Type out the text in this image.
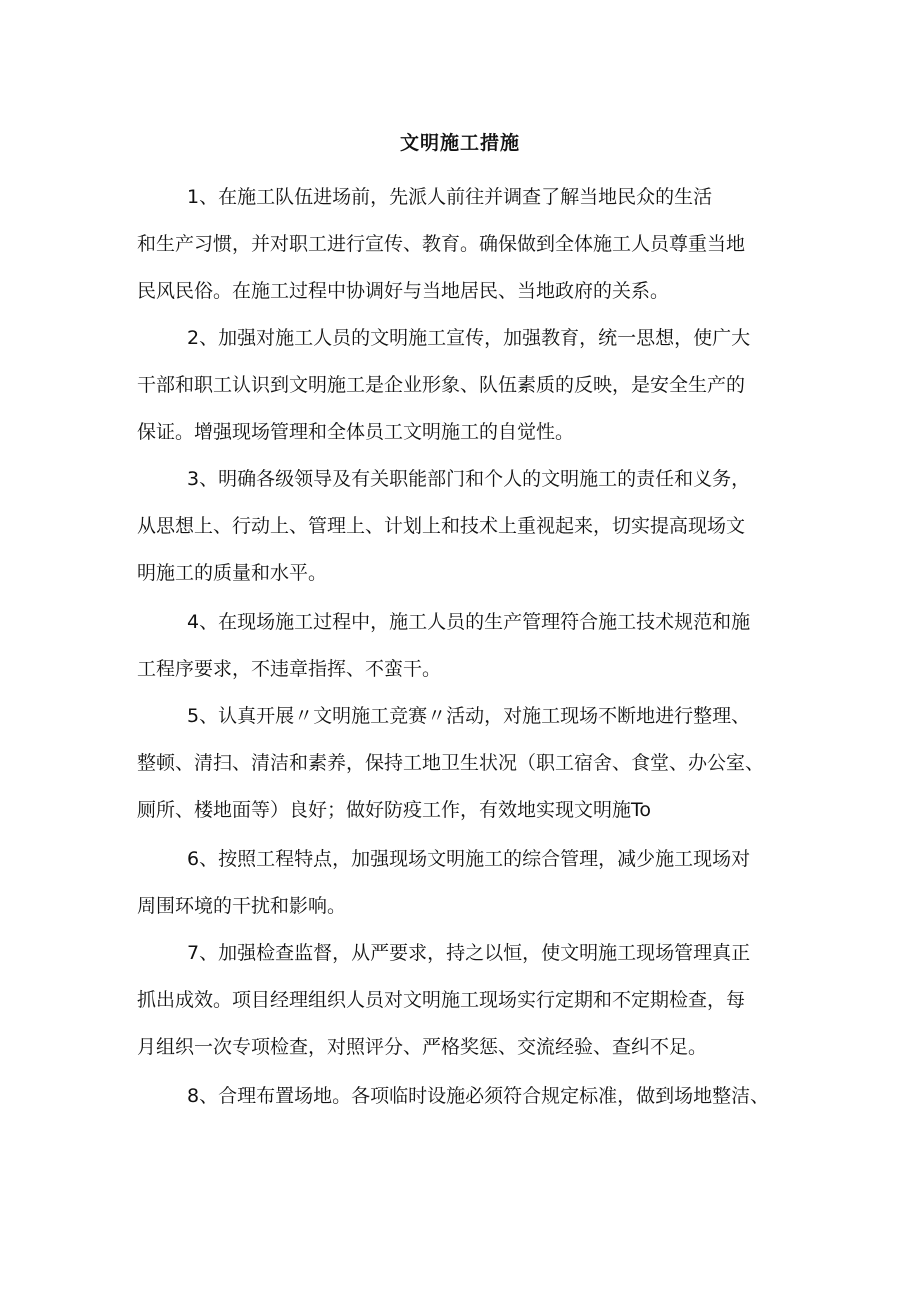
文明施工措施
1、在施工队伍进场前，先派人前往并调查了解当地民众的生活
和生产习惯，并对职工进行宣传、教育。确保做到全体施工人员尊重当地
民风民俗。在施工过程中协调好与当地居民、当地政府的关系。
2、加强对施工人员的文明施工宣传，加强教育，统一思想，使广大
干部和职工认识到文明施工是企业形象、队伍素质的反映，是安全生产的
保证。增强现场管理和全体员工文明施工的自觉性。
3、明确各级领导及有关职能部门和个人的文明施工的责任和义务，
从思想上、行动上、管理上、计划上和技术上重视起来，切实提高现场文
明施工的质量和水平。
4、在现场施工过程中，施工人员的生产管理符合施工技术规范和施
工程序要求，不违章指挥、不蛮干。
5、认真开展〃文明施工竞赛〃活动，对施工现场不断地进行整理、
整顿、清扫、清洁和素养，保持工地卫生状况（职工宿舍、食堂、办公室、
厕所、楼地面等）良好；做好防疫工作，有效地实现文明施To
6、按照工程特点，加强现场文明施工的综合管理，减少施工现场对
周围环境的干扰和影响。
7、加强检查监督，从严要求，持之以恒，使文明施工现场管理真正
抓出成效。项目经理组织人员对文明施工现场实行定期和不定期检查，每
月组织一次专项检查，对照评分、严格奖惩、交流经验、查纠不足。
8、合理布置场地。各项临时设施必须符合规定标准，做到场地整洁、
